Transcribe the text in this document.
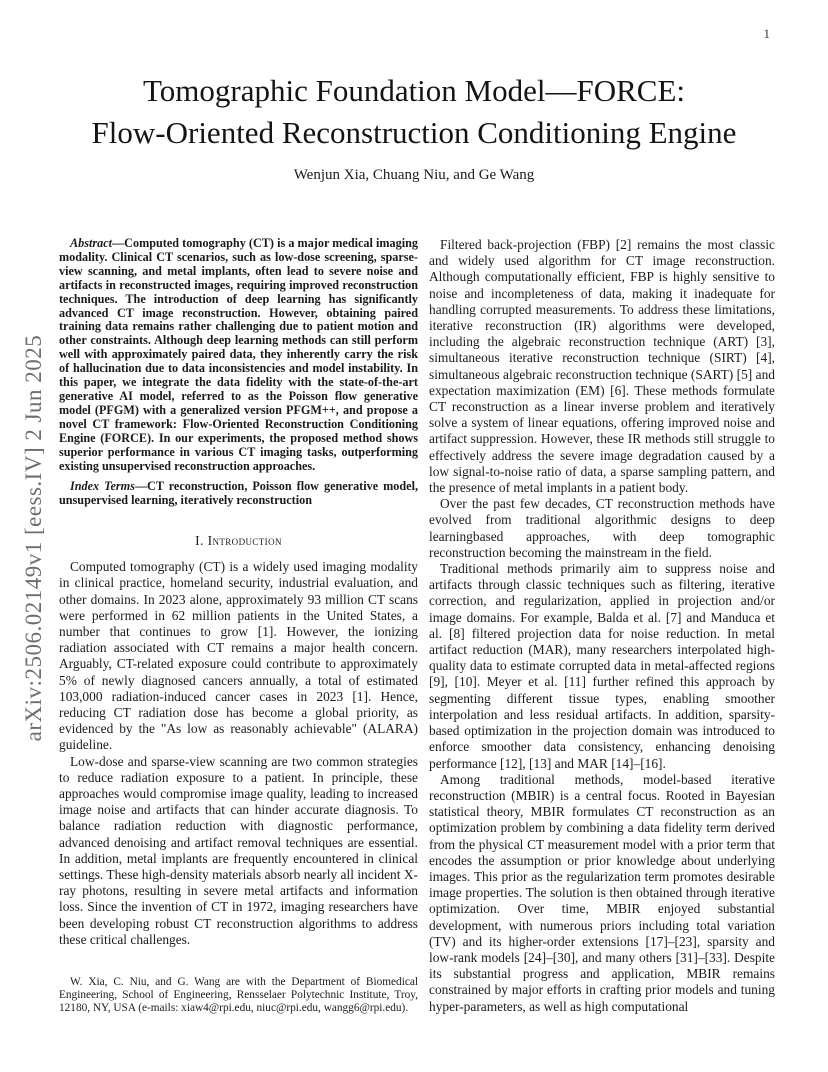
1
arXiv:2506.02149v1 [eess.IV] 2 Jun 2025
Tomographic Foundation Model—FORCE:
Flow-Oriented Reconstruction Conditioning Engine
Wenjun Xia, Chuang Niu, and Ge Wang

Abstract—Computed tomography (CT) is a major medical imaging modality. Clinical CT scenarios, such as low-dose screening, sparse-view scanning, and metal implants, often lead to severe noise and artifacts in reconstructed images, requiring improved reconstruction techniques. The introduction of deep learning has significantly advanced CT image reconstruction. However, obtaining paired training data remains rather challenging due to patient motion and other constraints. Although deep learning methods can still perform well with approximately paired data, they inherently carry the risk of hallucination due to data inconsistencies and model instability. In this paper, we integrate the data fidelity with the state-of-the-art generative AI model, referred to as the Poisson flow generative model (PFGM) with a generalized version PFGM++, and propose a novel CT framework: Flow-Oriented Reconstruction Conditioning Engine (FORCE). In our experiments, the proposed method shows superior performance in various CT imaging tasks, outperforming existing unsupervised reconstruction approaches.

Index Terms—CT reconstruction, Poisson flow generative model, unsupervised learning, iteratively reconstruction

I. Introduction

Computed tomography (CT) is a widely used imaging modality in clinical practice, homeland security, industrial evaluation, and other domains. In 2023 alone, approximately 93 million CT scans were performed in 62 million patients in the United States, a number that continues to grow [1]. However, the ionizing radiation associated with CT remains a major health concern. Arguably, CT-related exposure could contribute to approximately 5% of newly diagnosed cancers annually, a total of estimated 103,000 radiation-induced cancer cases in 2023 [1]. Hence, reducing CT radiation dose has become a global priority, as evidenced by the "As low as reasonably achievable" (ALARA) guideline.

Low-dose and sparse-view scanning are two common strategies to reduce radiation exposure to a patient. In principle, these approaches would compromise image quality, leading to increased image noise and artifacts that can hinder accurate diagnosis. To balance radiation reduction with diagnostic performance, advanced denoising and artifact removal techniques are essential. In addition, metal implants are frequently encountered in clinical settings. These high-density materials absorb nearly all incident X-ray photons, resulting in severe metal artifacts and information loss. Since the invention of CT in 1972, imaging researchers have been developing robust CT reconstruction algorithms to address these critical challenges.

W. Xia, C. Niu, and G. Wang are with the Department of Biomedical Engineering, School of Engineering, Rensselaer Polytechnic Institute, Troy, 12180, NY, USA (e-mails: xiaw4@rpi.edu, niuc@rpi.edu, wangg6@rpi.edu).

Filtered back-projection (FBP) [2] remains the most classic and widely used algorithm for CT image reconstruction. Although computationally efficient, FBP is highly sensitive to noise and incompleteness of data, making it inadequate for handling corrupted measurements. To address these limitations, iterative reconstruction (IR) algorithms were developed, including the algebraic reconstruction technique (ART) [3], simultaneous iterative reconstruction technique (SIRT) [4], simultaneous algebraic reconstruction technique (SART) [5] and expectation maximization (EM) [6]. These methods formulate CT reconstruction as a linear inverse problem and iteratively solve a system of linear equations, offering improved noise and artifact suppression. However, these IR methods still struggle to effectively address the severe image degradation caused by a low signal-to-noise ratio of data, a sparse sampling pattern, and the presence of metal implants in a patient body.

Over the past few decades, CT reconstruction methods have evolved from traditional algorithmic designs to deep learningbased approaches, with deep tomographic reconstruction becoming the mainstream in the field.

Traditional methods primarily aim to suppress noise and artifacts through classic techniques such as filtering, iterative correction, and regularization, applied in projection and/or image domains. For example, Balda et al. [7] and Manduca et al. [8] filtered projection data for noise reduction. In metal artifact reduction (MAR), many researchers interpolated high-quality data to estimate corrupted data in metal-affected regions [9], [10]. Meyer et al. [11] further refined this approach by segmenting different tissue types, enabling smoother interpolation and less residual artifacts. In addition, sparsity-based optimization in the projection domain was introduced to enforce smoother data consistency, enhancing denoising performance [12], [13] and MAR [14]–[16].

Among traditional methods, model-based iterative reconstruction (MBIR) is a central focus. Rooted in Bayesian statistical theory, MBIR formulates CT reconstruction as an optimization problem by combining a data fidelity term derived from the physical CT measurement model with a prior term that encodes the assumption or prior knowledge about underlying images. This prior as the regularization term promotes desirable image properties. The solution is then obtained through iterative optimization. Over time, MBIR enjoyed substantial development, with numerous priors including total variation (TV) and its higher-order extensions [17]–[23], sparsity and low-rank models [24]–[30], and many others [31]–[33]. Despite its substantial progress and application, MBIR remains constrained by major efforts in crafting prior models and tuning hyper-parameters, as well as high computational
